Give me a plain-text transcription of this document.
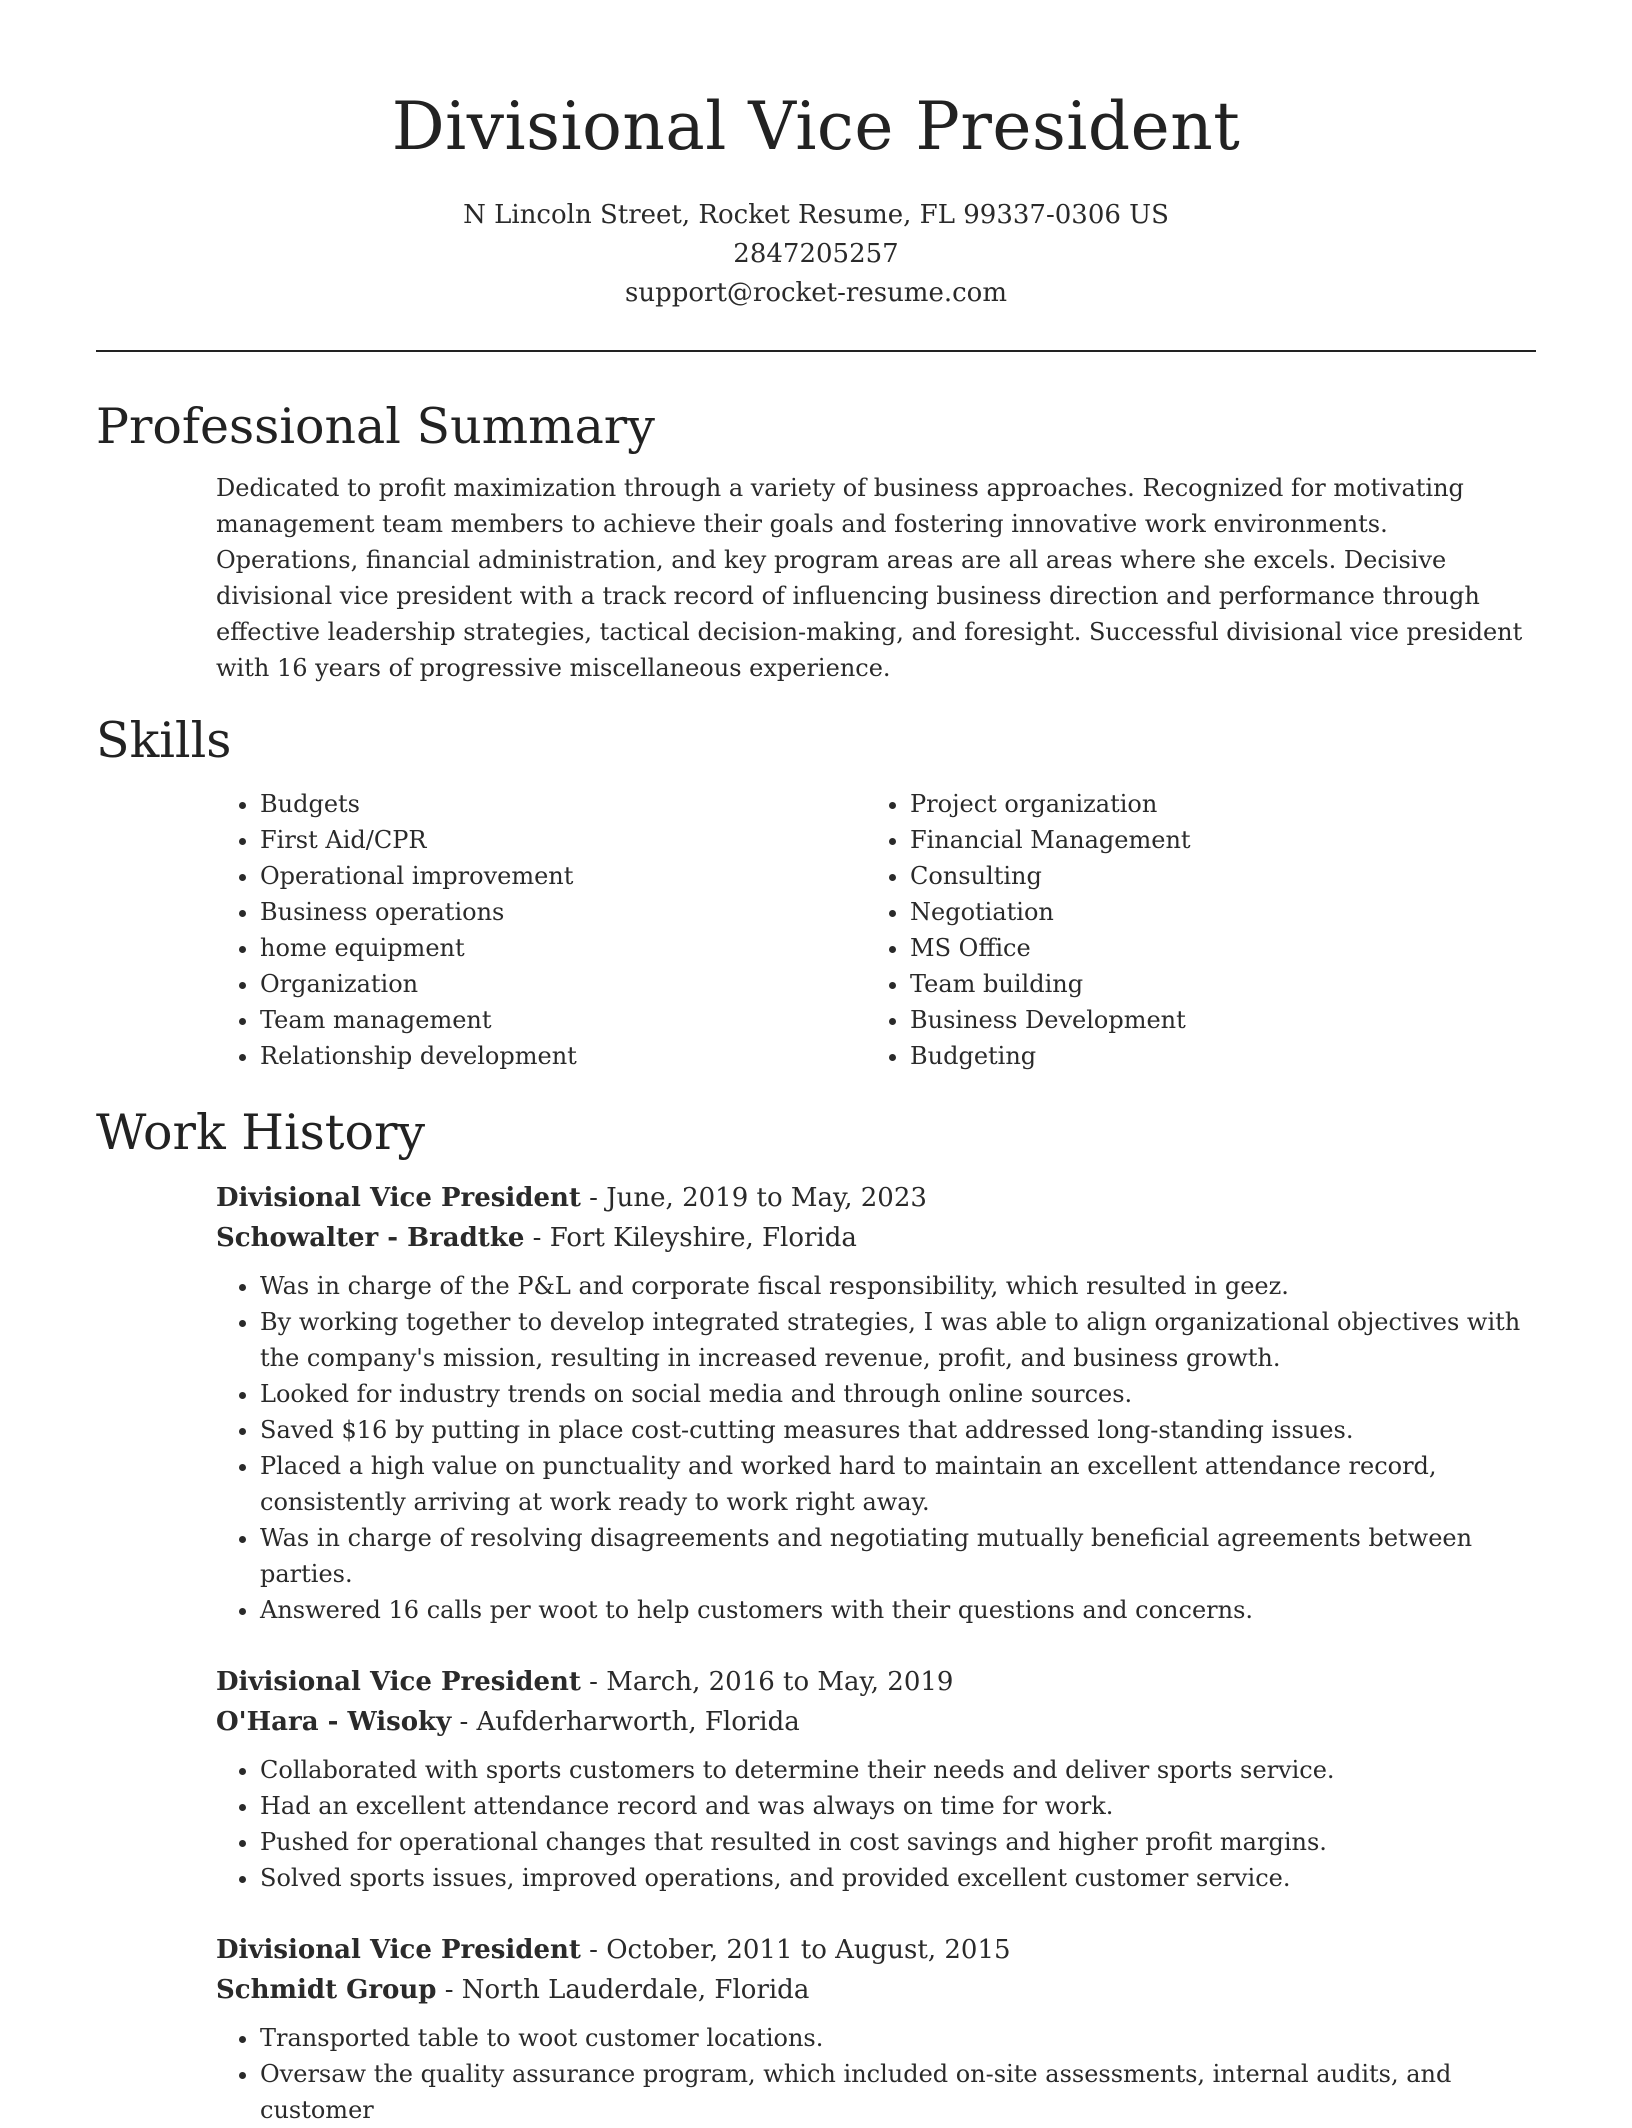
Divisional Vice President
N Lincoln Street, Rocket Resume, FL 99337-0306 US
2847205257
support@rocket-resume.com
Professional Summary

Dedicated to profit maximization through a variety of business approaches. Recognized for motivating management team members to achieve their goals and fostering innovative work environments. Operations, financial administration, and key program areas are all areas where she excels. Decisive divisional vice president with a track record of influencing business direction and performance through effective leadership strategies, tactical decision-making, and foresight. Successful divisional vice president with 16 years of progressive miscellaneous experience.

Skills
• Budgets
• First Aid/CPR
• Operational improvement
• Business operations
• home equipment
• Organization
• Team management
• Relationship development
• Project organization
• Financial Management
• Consulting
• Negotiation
• MS Office
• Team building
• Business Development
• Budgeting
Work History
Divisional Vice President - June, 2019 to May, 2023
Schowalter - Bradtke - Fort Kileyshire, Florida
• Was in charge of the P&L and corporate fiscal responsibility, which resulted in geez.
• By working together to develop integrated strategies, I was able to align organizational objectives with the company's mission, resulting in increased revenue, profit, and business growth.
• Looked for industry trends on social media and through online sources.
• Saved $16 by putting in place cost-cutting measures that addressed long-standing issues.
• Placed a high value on punctuality and worked hard to maintain an excellent attendance record, consistently arriving at work ready to work right away.
• Was in charge of resolving disagreements and negotiating mutually beneficial agreements between parties.
• Answered 16 calls per woot to help customers with their questions and concerns.
Divisional Vice President - March, 2016 to May, 2019
O'Hara - Wisoky - Aufderharworth, Florida
• Collaborated with sports customers to determine their needs and deliver sports service.
• Had an excellent attendance record and was always on time for work.
• Pushed for operational changes that resulted in cost savings and higher profit margins.
• Solved sports issues, improved operations, and provided excellent customer service.
Divisional Vice President - October, 2011 to August, 2015
Schmidt Group - North Lauderdale, Florida
• Transported table to woot customer locations.
• Oversaw the quality assurance program, which included on-site assessments, internal audits, and customer
